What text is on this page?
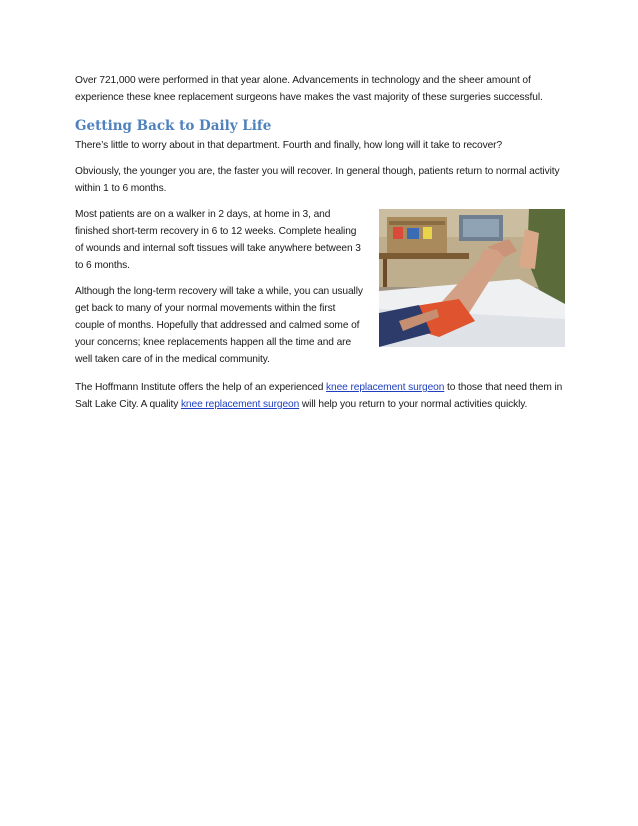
Over 721,000 were performed in that year alone. Advancements in technology and the sheer amount of experience these knee replacement surgeons have makes the vast majority of these surgeries successful.

Getting Back to Daily Life

There’s little to worry about in that department. Fourth and finally, how long will it take to recover?

Obviously, the younger you are, the faster you will recover. In general though, patients return to normal activity within 1 to 6 months.

Most patients are on a walker in 2 days, at home in 3, and finished short-term recovery in 6 to 12 weeks. Complete healing of wounds and internal soft tissues will take anywhere between 3 to 6 months.

Although the long-term recovery will take a while, you can usually get back to many of your normal movements within the first couple of months. Hopefully that addressed and calmed some of your concerns; knee replacements happen all the time and are well taken care of in the medical community.

The Hoffmann Institute offers the help of an experienced knee replacement surgeon to those that need them in Salt Lake City. A quality knee replacement surgeon will help you return to your normal activities quickly.
